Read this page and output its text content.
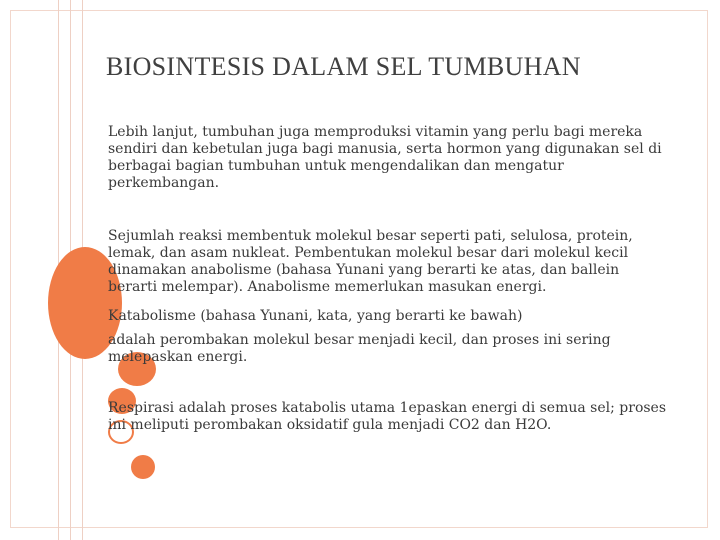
BIOSINTESIS DALAM SEL TUMBUHAN
Lebih lanjut, tumbuhan juga memproduksi vitamin yang perlu bagi mereka sendiri dan kebetulan juga bagi manusia, serta hormon yang digunakan sel di berbagai bagian tumbuhan untuk mengendalikan dan mengatur perkembangan.
Sejumlah reaksi membentuk molekul besar seperti pati, selulosa, protein, lemak, dan asam nukleat. Pembentukan molekul besar dari molekul kecil dinamakan anabolisme (bahasa Yunani yang berarti ke atas, dan ballein berarti melempar). Anabolisme memerlukan masukan energi.
Katabolisme (bahasa Yunani, kata, yang berarti ke bawah)
adalah perombakan molekul besar menjadi kecil, dan proses ini sering melepaskan energi.
Respirasi adalah proses katabolis utama 1epaskan energi di semua sel; proses ini meliputi perombakan oksidatif gula menjadi CO2 dan H2O.
